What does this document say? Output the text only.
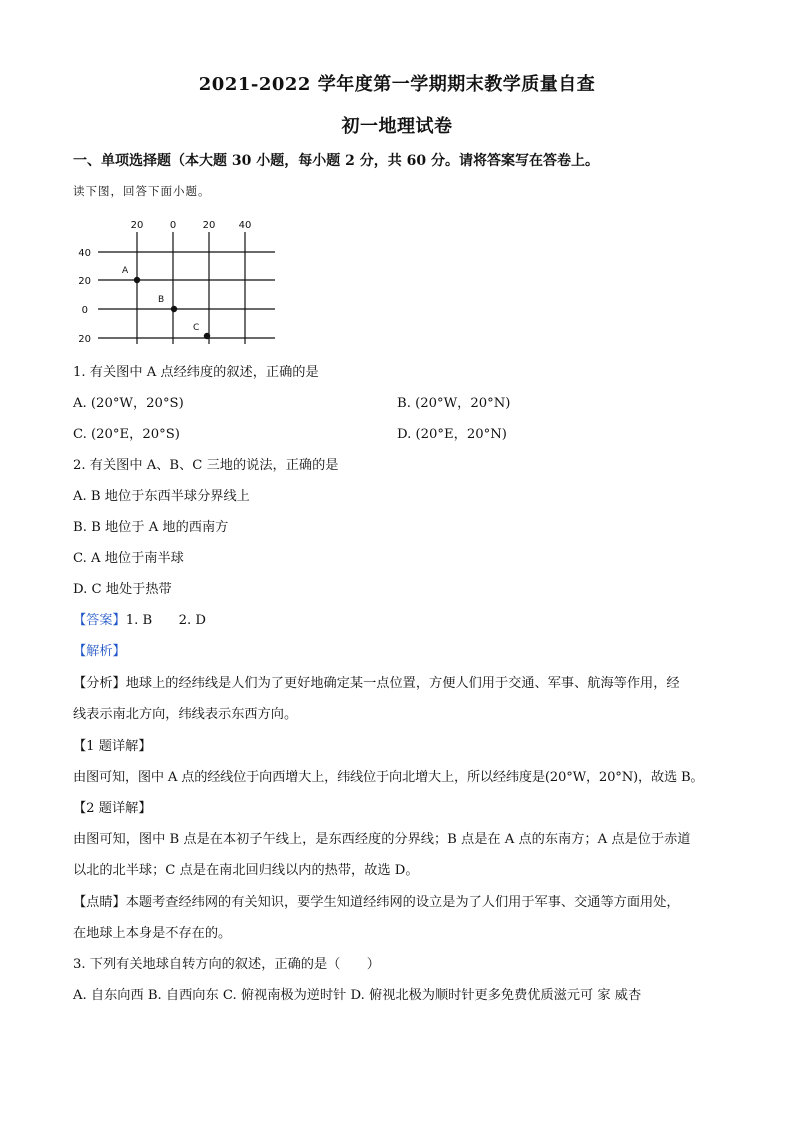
2021-2022 学年度第一学期期末教学质量自查
初一地理试卷
一、单项选择题（本大题 30 小题，每小题 2 分，共 60 分。请将答案写在答卷上。
读下图，回答下面小题。
20	0	20 40
40
20
0
20
A
B
C
1. 有关图中 A 点经纬度的叙述，正确的是
A. (20°W，20°S)	B. (20°W，20°N)
C. (20°E，20°S)	D. (20°E，20°N)
2. 有关图中 A、B、C 三地的说法，正确的是
A. B 地位于东西半球分界线上
B. B 地位于 A 地的西南方
C. A 地位于南半球
D. C 地处于热带
【答案】1. B　　2. D
【解析】
【分析】地球上的经纬线是人们为了更好地确定某一点位置，方便人们用于交通、军事、航海等作用，经
线表示南北方向，纬线表示东西方向。
【1 题详解】
由图可知，图中 A 点的经线位于向西增大上，纬线位于向北增大上，所以经纬度是(20°W，20°N)，故选 B。
【2 题详解】
由图可知，图中 B 点是在本初子午线上，是东西经度的分界线；B 点是在 A 点的东南方；A 点是位于赤道
以北的北半球；C 点是在南北回归线以内的热带，故选 D。
【点睛】本题考查经纬网的有关知识，要学生知道经纬网的设立是为了人们用于军事、交通等方面用处，
在地球上本身是不存在的。
3. 下列有关地球自转方向的叙述，正确的是（　　）
A. 自东向西 B. 自西向东 C. 俯视南极为逆时针 D. 俯视北极为顺时针更多免费优质滋元可 家 威杏
